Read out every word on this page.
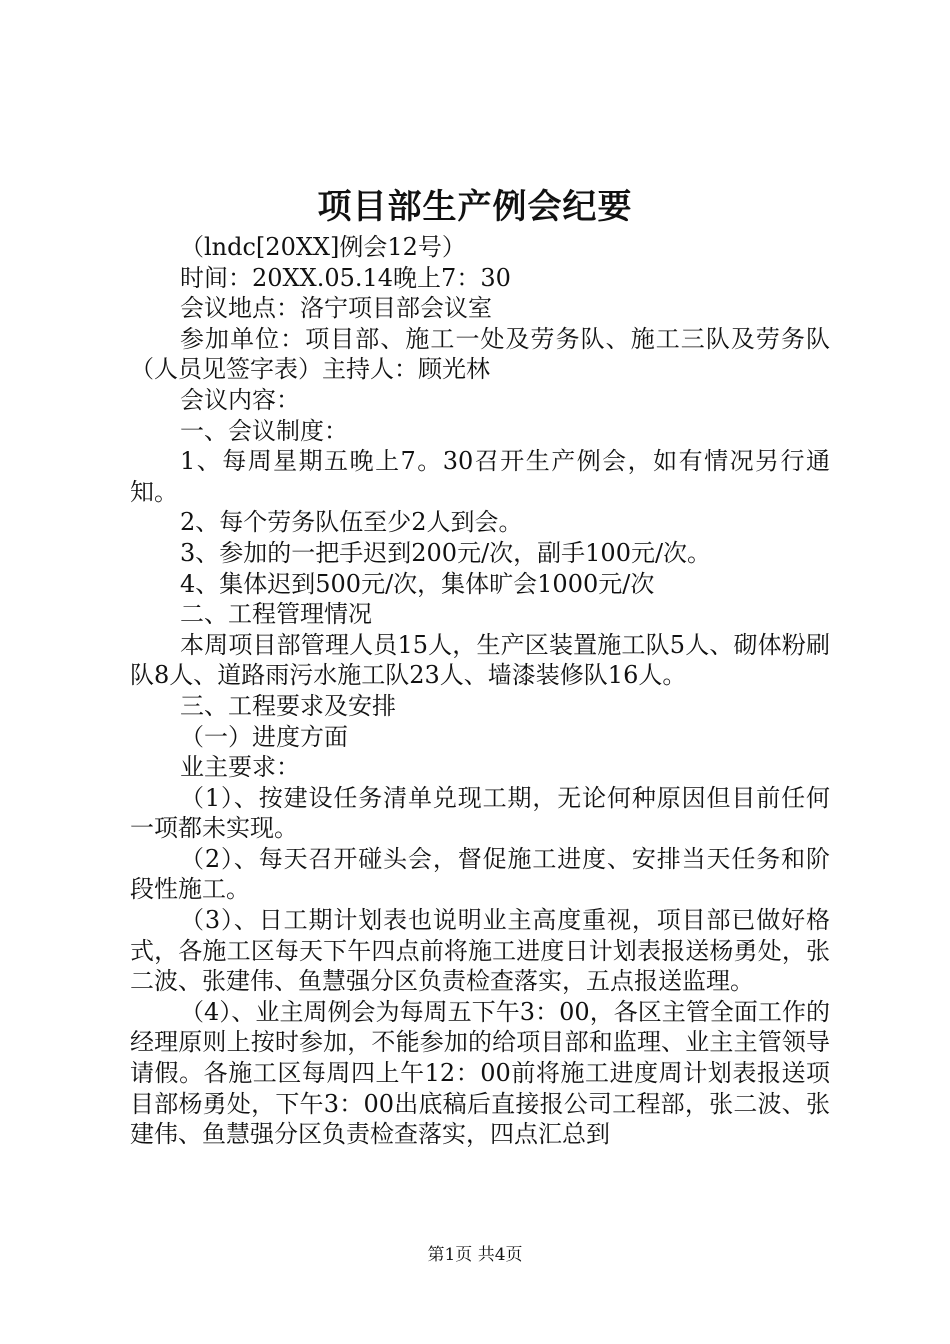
项目部生产例会纪要

（lndc[20XX]例会12号）

时间：20XX.05.14晚上7：30

会议地点：洛宁项目部会议室

参加单位：项目部、施工一处及劳务队、施工三队及劳务队（人员见签字表）主持人：顾光林

会议内容：

一、会议制度：

1、每周星期五晚上7。30召开生产例会，如有情况另行通知。

2、每个劳务队伍至少2人到会。

3、参加的一把手迟到200元/次，副手100元/次。

4、集体迟到500元/次，集体旷会1000元/次

二、工程管理情况

本周项目部管理人员15人，生产区装置施工队5人、砌体粉刷队8人、道路雨污水施工队23人、墙漆装修队16人。

三、工程要求及安排

（一）进度方面

业主要求：

（1）、按建设任务清单兑现工期，无论何种原因但目前任何一项都未实现。

（2）、每天召开碰头会，督促施工进度、安排当天任务和阶段性施工。

（3）、日工期计划表也说明业主高度重视，项目部已做好格式，各施工区每天下午四点前将施工进度日计划表报送杨勇处，张二波、张建伟、鱼慧强分区负责检查落实，五点报送监理。

（4）、业主周例会为每周五下午3：00，各区主管全面工作的经理原则上按时参加，不能参加的给项目部和监理、业主主管领导请假。各施工区每周四上午12：00前将施工进度周计划表报送项目部杨勇处，下午3：00出底稿后直接报公司工程部，张二波、张建伟、鱼慧强分区负责检查落实，四点汇总到

第1页 共4页
